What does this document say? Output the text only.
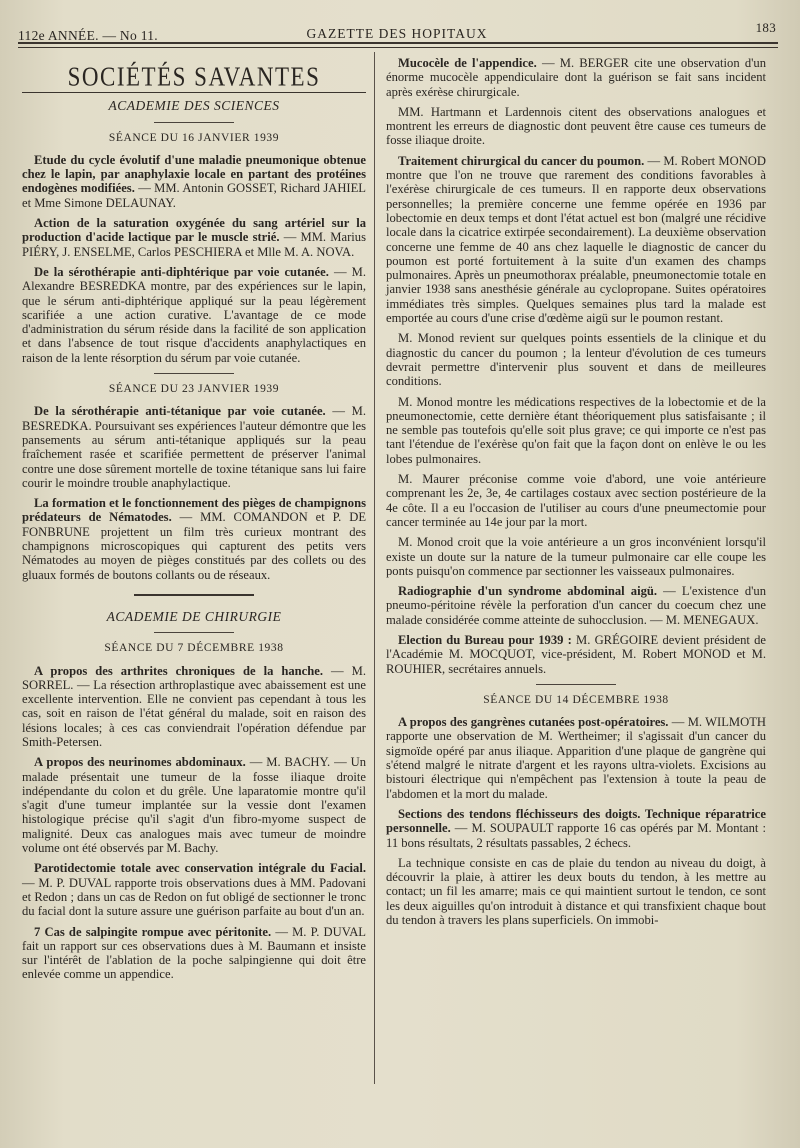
112e ANNÉE. — No 11.	GAZETTE DES HOPITAUX	183
SOCIÉTÉS SAVANTES
ACADEMIE DES SCIENCES
SÉANCE DU 16 JANVIER 1939

Etude du cycle évolutif d'une maladie pneumonique obtenue chez le lapin, par anaphylaxie locale en partant des protéines endogènes modifiées. — MM. Antonin GOSSET, Richard JAHIEL et Mme Simone DELAUNAY.

Action de la saturation oxygénée du sang artériel sur la production d'acide lactique par le muscle strié. — MM. Marius PIÉRY, J. ENSELME, Carlos PESCHIERA et Mlle M. A. NOVA.

De la sérothérapie anti-diphtérique par voie cutanée. — M. Alexandre BESREDKA montre, par des expériences sur le lapin, que le sérum anti-diphtérique appliqué sur la peau légèrement scarifiée a une action curative. L'avantage de ce mode d'administration du sérum réside dans la facilité de son application et dans l'absence de tout risque d'accidents anaphylactiques en raison de la lente résorption du sérum par voie cutanée.

SÉANCE DU 23 JANVIER 1939

De la sérothérapie anti-tétanique par voie cutanée. — M. BESREDKA. Poursuivant ses expériences l'auteur démontre que les pansements au sérum anti-tétanique appliqués sur la peau fraîchement rasée et scarifiée permettent de préserver l'animal contre une dose sûrement mortelle de toxine tétanique sans lui faire courir le moindre trouble anaphylactique.

La formation et le fonctionnement des pièges de champignons prédateurs de Nématodes. — MM. COMANDON et P. DE FONBRUNE projettent un film très curieux montrant des champignons microscopiques qui capturent des petits vers Nématodes au moyen de pièges constitués par des collets ou des gluaux formés de boutons collants ou de réseaux.

ACADEMIE DE CHIRURGIE
SÉANCE DU 7 DÉCEMBRE 1938

A propos des arthrites chroniques de la hanche. — M. SORREL. — La résection arthroplastique avec abaissement est une excellente intervention. Elle ne convient pas cependant à tous les cas, soit en raison de l'état général du malade, soit en raison des lésions locales; à ces cas conviendrait l'opération défendue par Smith-Petersen.

A propos des neurinomes abdominaux. — M. BACHY. — Un malade présentait une tumeur de la fosse iliaque droite indépendante du colon et du grêle. Une laparatomie montre qu'il s'agit d'une tumeur implantée sur la vessie dont l'examen histologique précise qu'il s'agit d'un fibro-myome suspect de malignité. Deux cas analogues mais avec tumeur de moindre volume ont été observés par M. Bachy.

Parotidectomie totale avec conservation intégrale du Facial. — M. P. DUVAL rapporte trois observations dues à MM. Padovani et Redon ; dans un cas de Redon on fut obligé de sectionner le tronc du facial dont la suture assure une guérison parfaite au bout d'un an.

7 Cas de salpingite rompue avec péritonite. — M. P. DUVAL fait un rapport sur ces observations dues à M. Baumann et insiste sur l'intérêt de l'ablation de la poche salpingienne qui doit être enlevée comme un appendice.

Mucocèle de l'appendice. — M. BERGER cite une observation d'un énorme mucocèle appendiculaire dont la guérison se fait sans incident après exérèse chirurgicale.

MM. Hartmann et Lardennois citent des observations analogues et montrent les erreurs de diagnostic dont peuvent être cause ces tumeurs de fosse iliaque droite.

Traitement chirurgical du cancer du poumon. — M. Robert MONOD montre que l'on ne trouve que rarement des conditions favorables à l'exérèse chirurgicale de ces tumeurs. Il en rapporte deux observations personnelles; la première concerne une femme opérée en 1936 par lobectomie en deux temps et dont l'état actuel est bon (malgré une récidive locale dans la cicatrice extirpée secondairement). La deuxième observation concerne une femme de 40 ans chez laquelle le diagnostic de cancer du poumon est porté fortuitement à la suite d'un examen des champs pulmonaires. Après un pneumothorax préalable, pneumonectomie totale en janvier 1938 sans anesthésie générale au cyclopropane. Suites opératoires immédiates très simples. Quelques semaines plus tard la malade est emportée au cours d'une crise d'œdème aigü sur le poumon restant.

M. Monod revient sur quelques points essentiels de la clinique et du diagnostic du cancer du poumon ; la lenteur d'évolution de ces tumeurs devrait permettre d'intervenir plus souvent et dans de meilleures conditions.

M. Monod montre les médications respectives de la lobectomie et de la pneumonectomie, cette dernière étant théoriquement plus satisfaisante ; il ne semble pas toutefois qu'elle soit plus grave; ce qui importe ce n'est pas tant l'étendue de l'exérèse qu'on fait que la façon dont on enlève le ou les lobes pulmonaires.

M. Maurer préconise comme voie d'abord, une voie antérieure comprenant les 2e, 3e, 4e cartilages costaux avec section postérieure de la 4e côte. Il a eu l'occasion de l'utiliser au cours d'une pneumectomie pour cancer terminée au 14e jour par la mort.

M. Monod croit que la voie antérieure a un gros inconvénient lorsqu'il existe un doute sur la nature de la tumeur pulmonaire car elle coupe les ponts puisqu'on commence par sectionner les vaisseaux pulmonaires.

Radiographie d'un syndrome abdominal aigü. — L'existence d'un pneumo-péritoine révèle la perforation d'un cancer du coecum chez une malade considérée comme atteinte de suhocclusion. — M. MENEGAUX.

Election du Bureau pour 1939 : M. GRÉGOIRE devient président de l'Académie M. MOCQUOT, vice-président, M. Robert MONOD et M. ROUHIER, secrétaires annuels.

SÉANCE DU 14 DÉCEMBRE 1938

A propos des gangrènes cutanées post-opératoires. — M. WILMOTH rapporte une observation de M. Wertheimer; il s'agissait d'un cancer du sigmoïde opéré par anus iliaque. Apparition d'une plaque de gangrène qui s'étend malgré le nitrate d'argent et les rayons ultra-violets. Excisions au bistouri électrique qui n'empêchent pas l'extension à toute la peau de l'abdomen et la mort du malade.

Sections des tendons fléchisseurs des doigts. Technique réparatrice personnelle. — M. SOUPAULT rapporte 16 cas opérés par M. Montant : 11 bons résultats, 2 résultats passables, 2 échecs.

La technique consiste en cas de plaie du tendon au niveau du doigt, à découvrir la plaie, à attirer les deux bouts du tendon, à les mettre au contact; un fil les amarre; mais ce qui maintient surtout le tendon, ce sont les deux aiguilles qu'on introduit à distance et qui transfixient chaque bout du tendon à travers les plans superficiels. On immobi-
